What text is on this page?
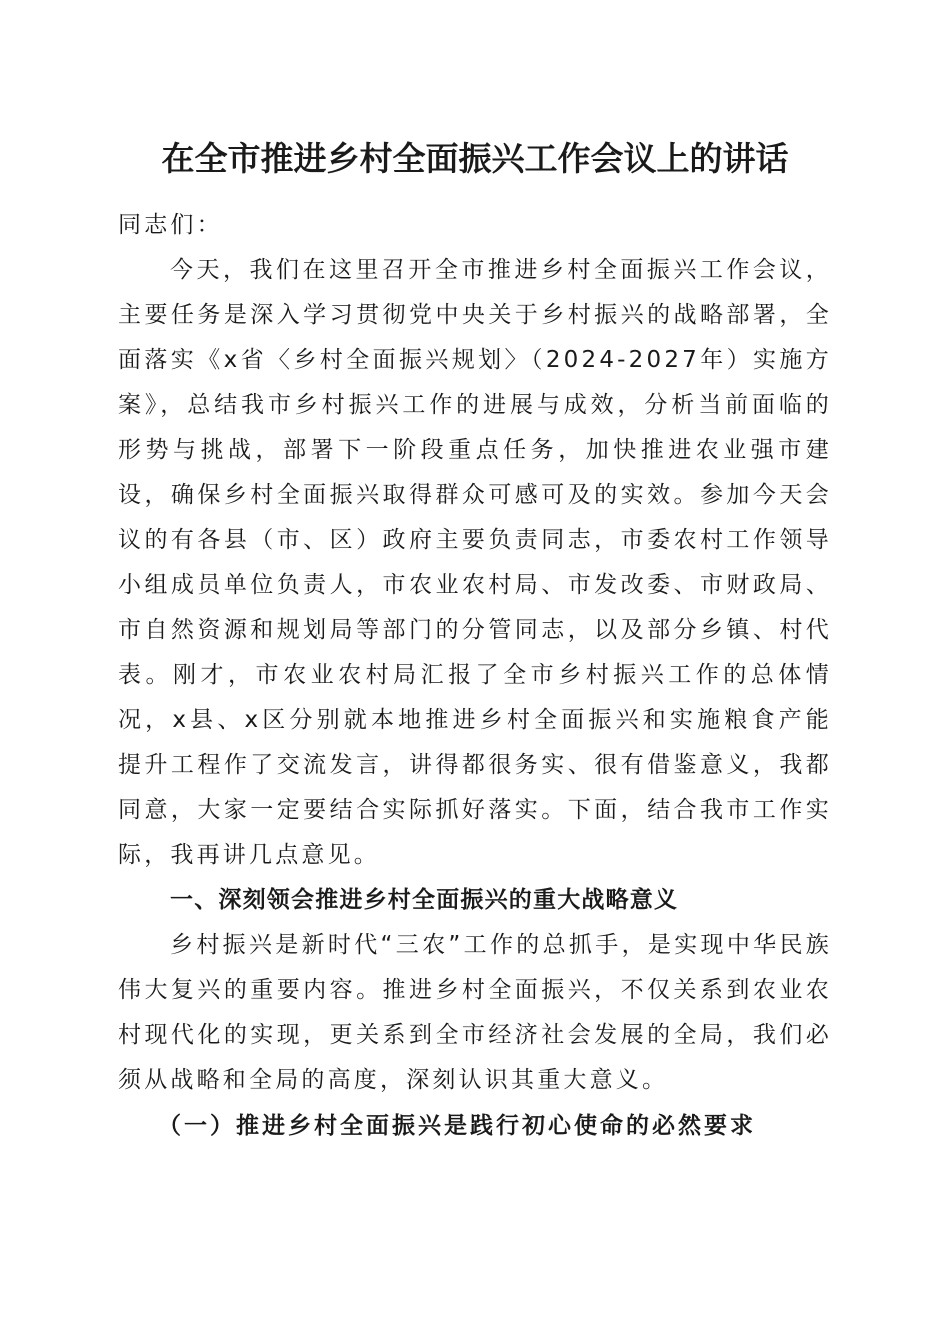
在全市推进乡村全面振兴工作会议上的讲话

同志们：

今天，我们在这里召开全市推进乡村全面振兴工作会议，主要任务是深入学习贯彻党中央关于乡村振兴的战略部署，全面落实《x省〈乡村全面振兴规划〉（2024-2027年）实施方案》，总结我市乡村振兴工作的进展与成效，分析当前面临的形势与挑战，部署下一阶段重点任务，加快推进农业强市建设，确保乡村全面振兴取得群众可感可及的实效。参加今天会议的有各县（市、区）政府主要负责同志，市委农村工作领导小组成员单位负责人，市农业农村局、市发改委、市财政局、市自然资源和规划局等部门的分管同志，以及部分乡镇、村代表。刚才，市农业农村局汇报了全市乡村振兴工作的总体情况，x县、x区分别就本地推进乡村全面振兴和实施粮食产能提升工程作了交流发言，讲得都很务实、很有借鉴意义，我都同意，大家一定要结合实际抓好落实。下面，结合我市工作实际，我再讲几点意见。

一、深刻领会推进乡村全面振兴的重大战略意义

乡村振兴是新时代“三农”工作的总抓手，是实现中华民族伟大复兴的重要内容。推进乡村全面振兴，不仅关系到农业农村现代化的实现，更关系到全市经济社会发展的全局，我们必须从战略和全局的高度，深刻认识其重大意义。

（一）推进乡村全面振兴是践行初心使命的必然要求
